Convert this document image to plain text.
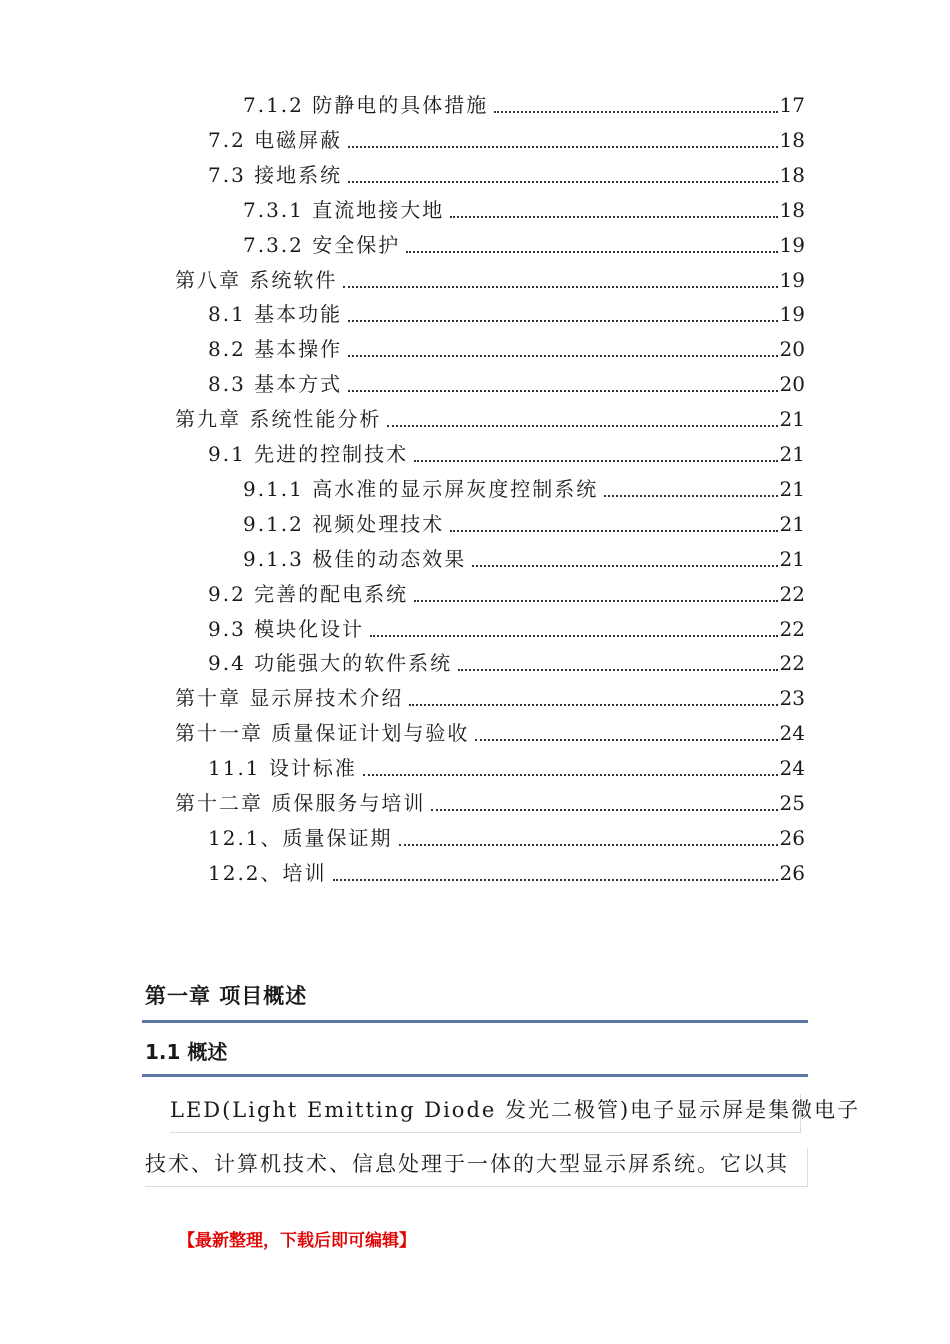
7.1.2 防静电的具体措施	17
7.2 电磁屏蔽	18
7.3 接地系统	18
7.3.1 直流地接大地	18
7.3.2 安全保护	19
第八章 系统软件	19
8.1 基本功能	19
8.2 基本操作	20
8.3 基本方式	20
第九章 系统性能分析	21
9.1 先进的控制技术	21
9.1.1 高水准的显示屏灰度控制系统	21
9.1.2 视频处理技术	21
9.1.3 极佳的动态效果	21
9.2 完善的配电系统	22
9.3 模块化设计	22
9.4 功能强大的软件系统	22
第十章 显示屏技术介绍	23
第十一章 质量保证计划与验收	24
11.1 设计标准	24
第十二章 质保服务与培训	25
12.1、质量保证期	26
12.2、培训	26
第一章 项目概述
1.1 概述
LED(Light Emitting Diode 发光二极管)电子显示屏是集微电子
技术、计算机技术、信息处理于一体的大型显示屏系统。它以其
【最新整理，下载后即可编辑】
